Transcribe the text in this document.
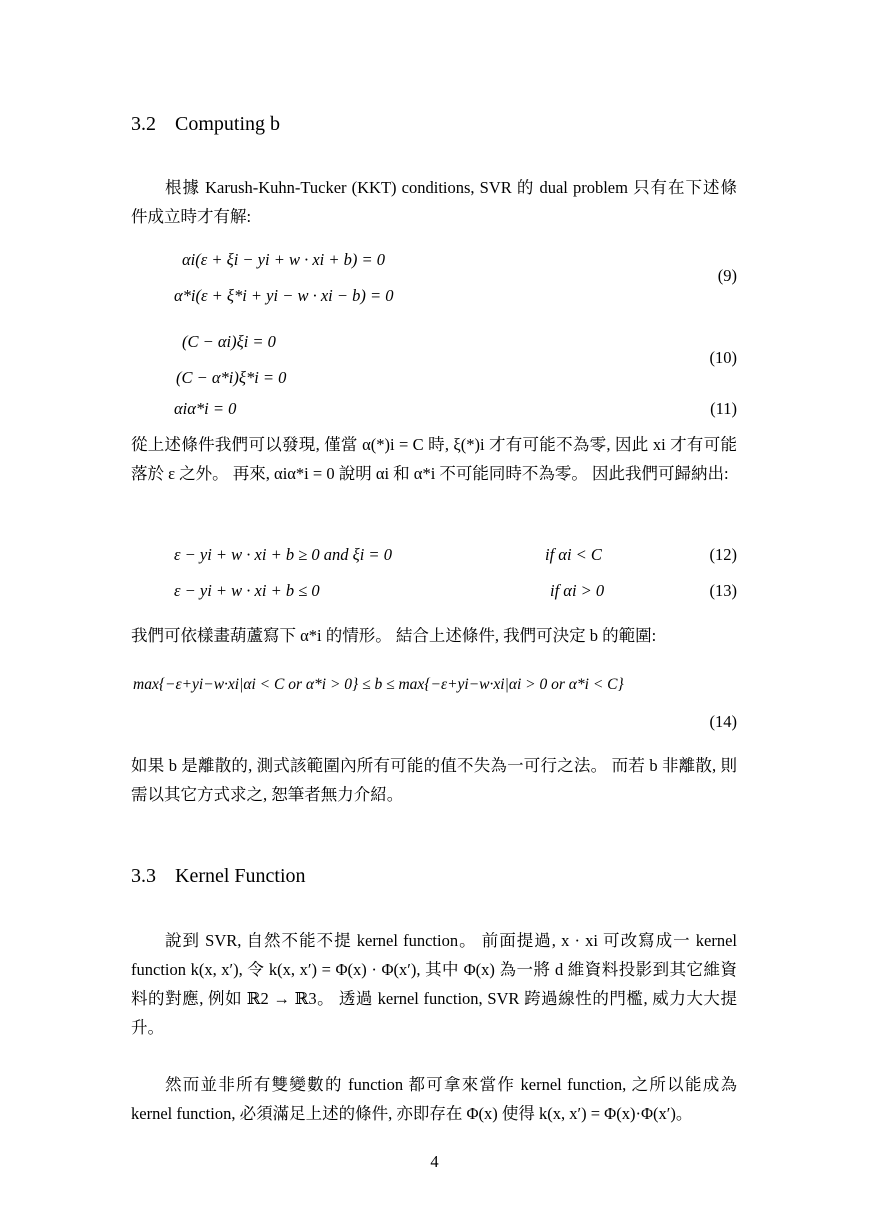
3.2 Computing b
根據 Karush-Kuhn-Tucker (KKT) conditions, SVR 的 dual problem 只有在下述條件成立時才有解:
αi(ε + ξi − yi + w · xi + b) = 0
α*i(ε + ξ*i + yi − w · xi − b) = 0
(9)
(C − αi)ξi = 0
(C − α*i)ξ*i = 0
(10)
αiα*i = 0	(11)
從上述條件我們可以發現, 僅當 α(*)i = C 時, ξ(*)i 才有可能不為零, 因此 xi 才有可能落於 ε 之外。 再來, αiα*i = 0 說明 αi 和 α*i 不可能同時不為零。 因此我們可歸納出:
ε − yi + w · xi + b ≥ 0 and ξi = 0	if αi < C	(12)
ε − yi + w · xi + b ≤ 0	if αi > 0	(13)
我們可依樣畫葫蘆寫下 α*i 的情形。 結合上述條件, 我們可決定 b 的範圍:
max{−ε+yi−w·xi|αi < C or α*i > 0} ≤ b ≤ max{−ε+yi−w·xi|αi > 0 or α*i < C}
(14)
如果 b 是離散的, 測式該範圍內所有可能的值不失為一可行之法。 而若 b 非離散, 則需以其它方式求之, 恕筆者無力介紹。
3.3 Kernel Function
說到 SVR, 自然不能不提 kernel function。 前面提過, x · xi 可改寫成一 kernel function k(x, x′), 令 k(x, x′) = Φ(x) · Φ(x′), 其中 Φ(x) 為一將 d 維資料投影到其它維資料的對應, 例如 ℝ2 → ℝ3。 透過 kernel function, SVR 跨過線性的門檻, 威力大大提升。
然而並非所有雙變數的 function 都可拿來當作 kernel function, 之所以能成為 kernel function, 必須滿足上述的條件, 亦即存在 Φ(x) 使得 k(x, x′) = Φ(x)·Φ(x′)。
4
